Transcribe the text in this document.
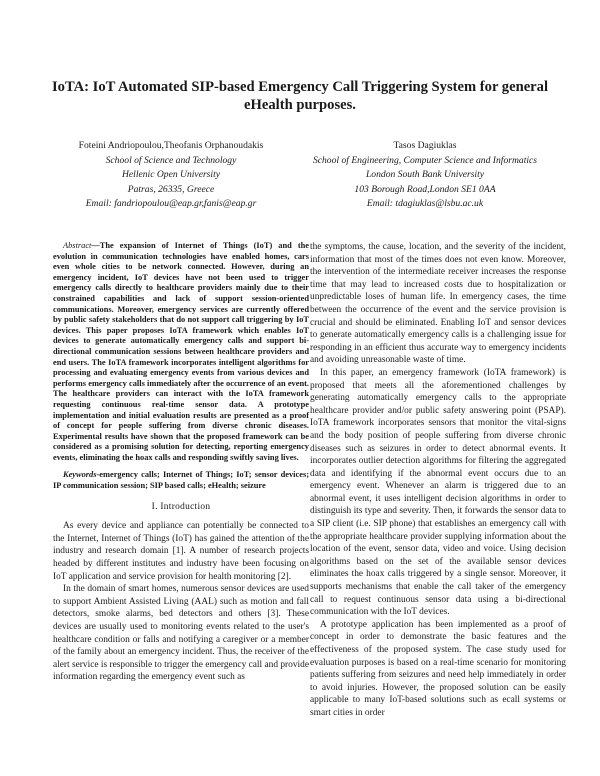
IoTA: IoT Automated SIP-based Emergency Call Triggering System for general
eHealth purposes.
Foteini Andriopoulou,Theofanis Orphanoudakis
School of Science and Technology
Hellenic Open University
Patras, 26335, Greece
Email: fandriopoulou@eap.gr,fanis@eap.gr
Tasos Dagiuklas
School of Engineering, Computer Science and Informatics
London South Bank University
103 Borough Road,London SE1 0AA
Email: tdagiuklas@lsbu.ac.uk

Abstract—The expansion of Internet of Things (IoT) and the evolution in communication technologies have enabled homes, cars even whole cities to be network connected. However, during an emergency incident, IoT devices have not been used to trigger emergency calls directly to healthcare providers mainly due to their constrained capabilities and lack of support session-oriented communications. Moreover, emergency services are currently offered by public safety stakeholders that do not support call triggering by IoT devices. This paper proposes IoTA framework which enables IoT devices to generate automatically emergency calls and support bi-directional communication sessions between healthcare providers and end users. The IoTA framework incorporates intelligent algorithms for processing and evaluating emergency events from various devices and performs emergency calls immediately after the occurrence of an event. The healthcare providers can interact with the IoTA framework requesting continuous real-time sensor data. A prototype implementation and initial evaluation results are presented as a proof of concept for people suffering from diverse chronic diseases. Experimental results have shown that the proposed framework can be considered as a promising solution for detecting, reporting emergency events, eliminating the hoax calls and responding swiftly saving lives.

Keywords-emergency calls; Internet of Things; IoT; sensor devices; IP communication session; SIP based calls; eHealth; seizure

I. Introduction

As every device and appliance can potentially be connected to the Internet, Internet of Things (IoT) has gained the attention of the industry and research domain [1]. A number of research projects headed by different institutes and industry have been focusing on IoT application and service provision for health monitoring [2].

In the domain of smart homes, numerous sensor devices are used to support Ambient Assisted Living (AAL) such as motion and fall detectors, smoke alarms, bed detectors and others [3]. These devices are usually used to monitoring events related to the user's healthcare condition or falls and notifying a caregiver or a member of the family about an emergency incident. Thus, the receiver of the alert service is responsible to trigger the emergency call and provide information regarding the emergency event such as

the symptoms, the cause, location, and the severity of the incident, information that most of the times does not even know. Moreover, the intervention of the intermediate receiver increases the response time that may lead to increased costs due to hospitalization or unpredictable loses of human life. In emergency cases, the time between the occurrence of the event and the service provision is crucial and should be eliminated. Enabling IoT and sensor devices to generate automatically emergency calls is a challenging issue for responding in an efficient thus accurate way to emergency incidents and avoiding unreasonable waste of time.

In this paper, an emergency framework (IoTA framework) is proposed that meets all the aforementioned challenges by generating automatically emergency calls to the appropriate healthcare provider and/or public safety answering point (PSAP). IoTA framework incorporates sensors that monitor the vital-signs and the body position of people suffering from diverse chronic diseases such as seizures in order to detect abnormal events. It incorporates outlier detection algorithms for filtering the aggregated data and identifying if the abnormal event occurs due to an emergency event. Whenever an alarm is triggered due to an abnormal event, it uses intelligent decision algorithms in order to distinguish its type and severity. Then, it forwards the sensor data to a SIP client (i.e. SIP phone) that establishes an emergency call with the appropriate healthcare provider supplying information about the location of the event, sensor data, video and voice. Using decision algorithms based on the set of the available sensor devices eliminates the hoax calls triggered by a single sensor. Moreover, it supports mechanisms that enable the call taker of the emergency call to request continuous sensor data using a bi-directional communication with the IoT devices.

A prototype application has been implemented as a proof of concept in order to demonstrate the basic features and the effectiveness of the proposed system. The case study used for evaluation purposes is based on a real-time scenario for monitoring patients suffering from seizures and need help immediately in order to avoid injuries. However, the proposed solution can be easily applicable to many IoT-based solutions such as ecall systems or smart cities in order
